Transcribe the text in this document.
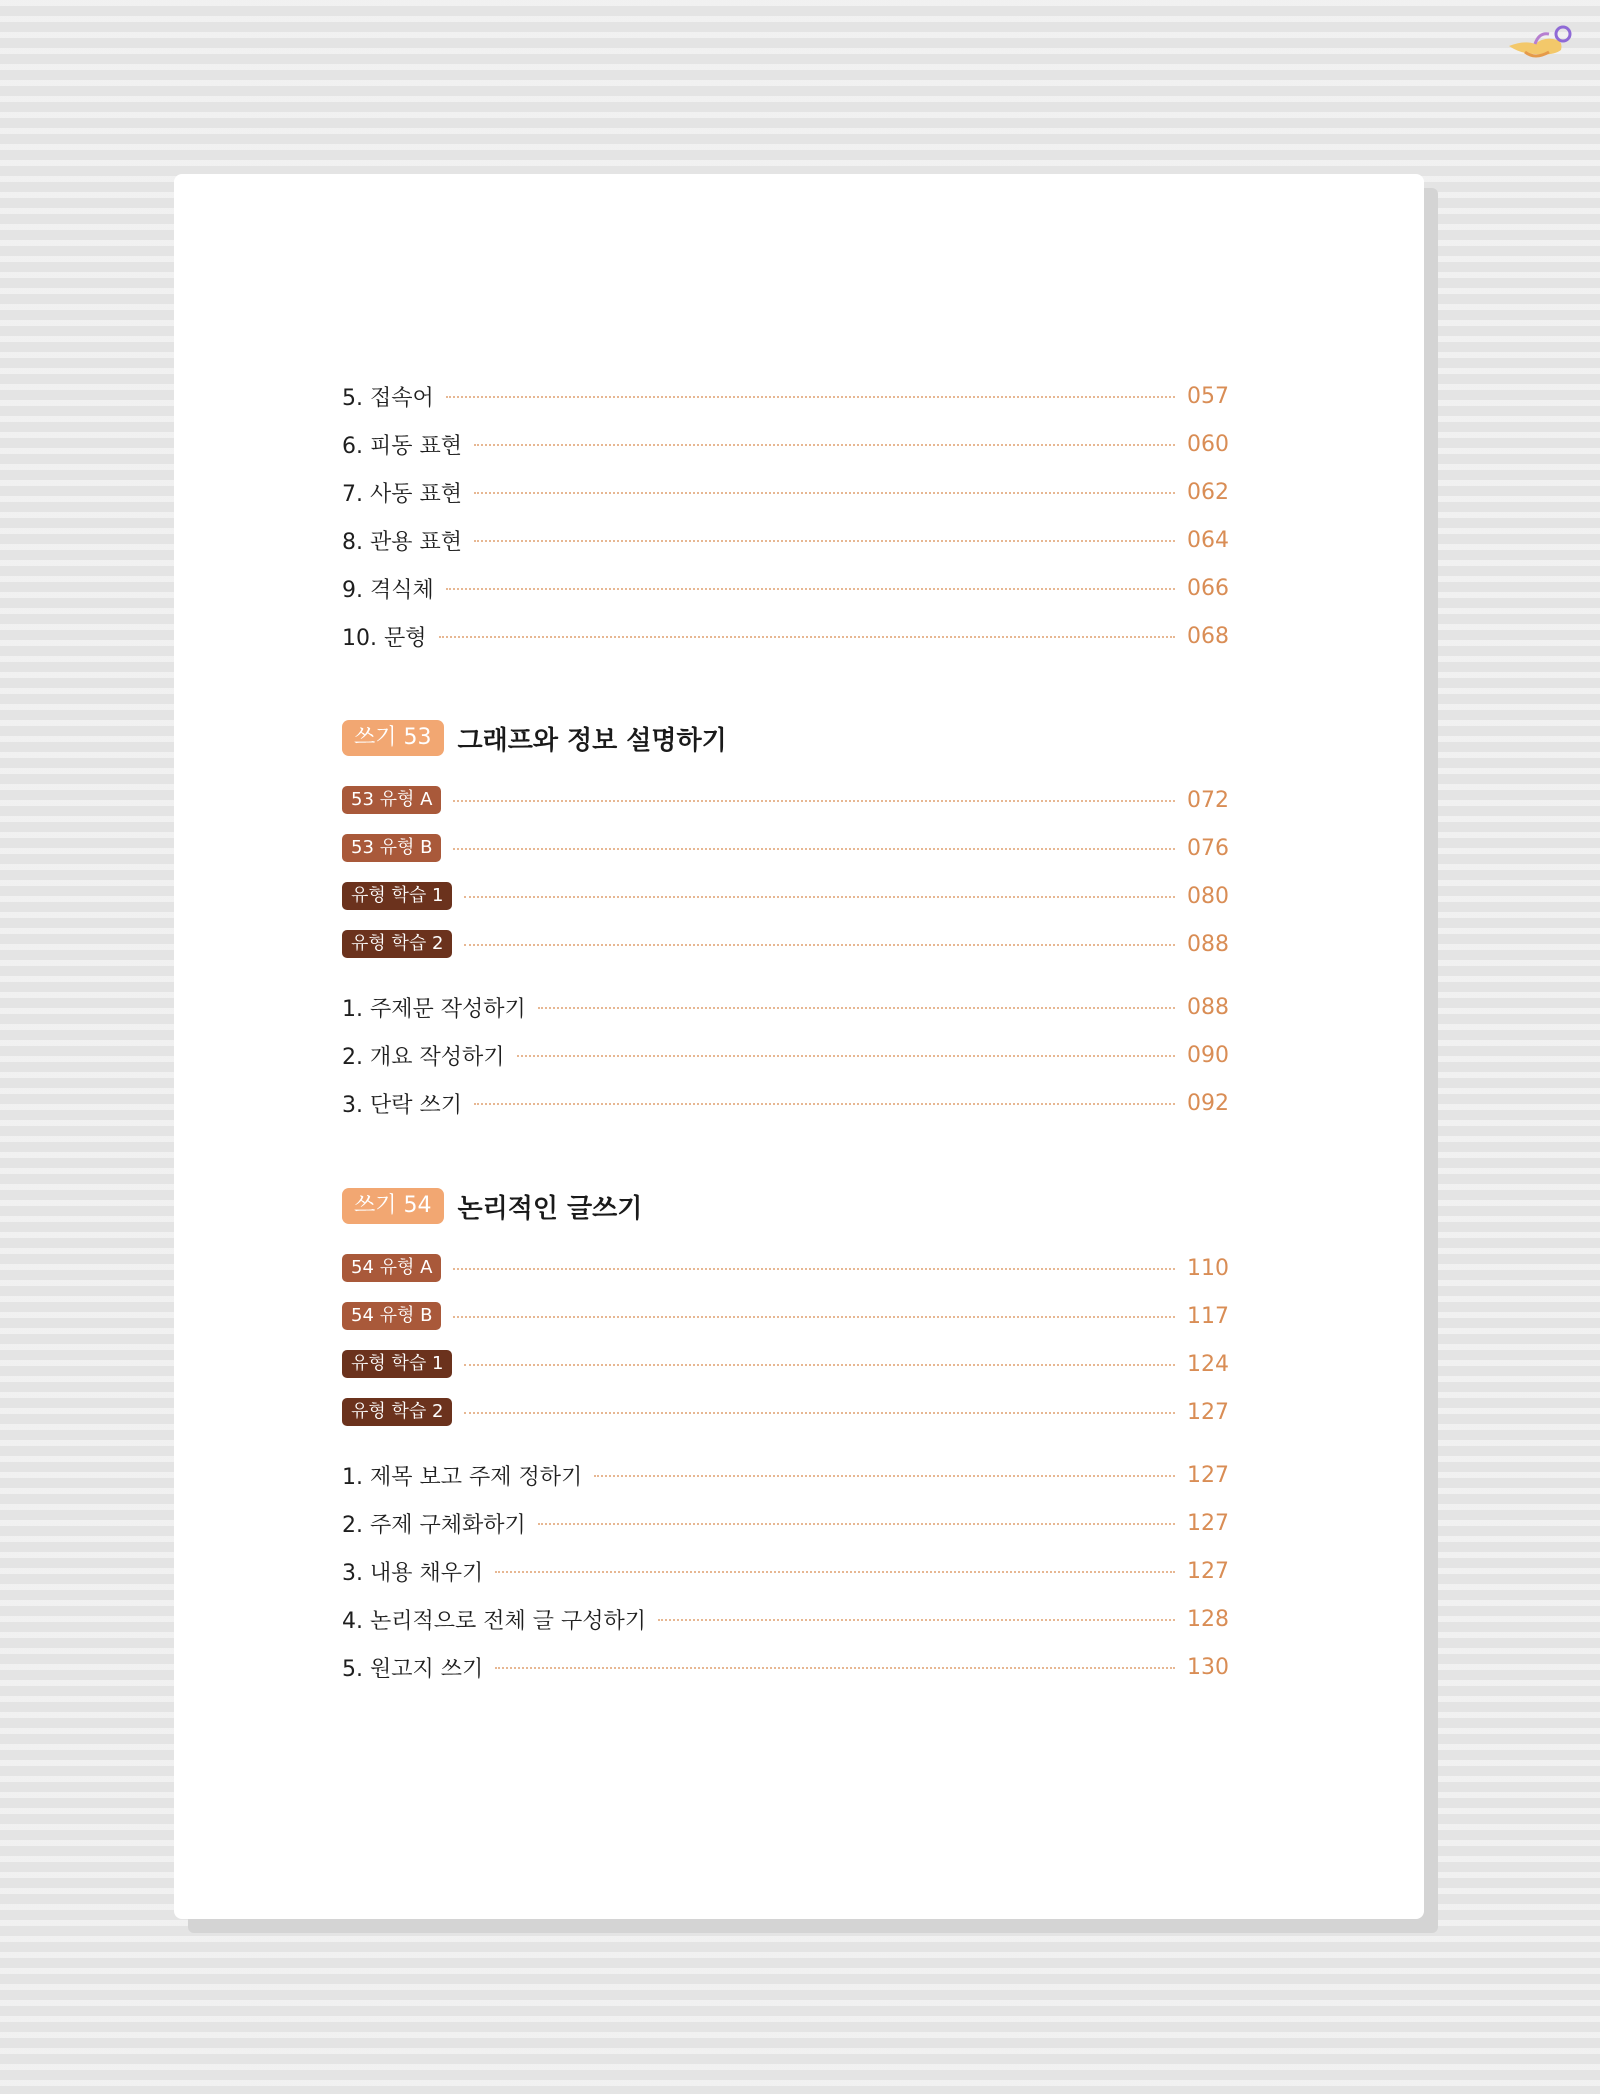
5. 접속어	057
6. 피동 표현	060
7. 사동 표현	062
8. 관용 표현	064
9. 격식체	066
10. 문형	068
쓰기 53	그래프와 정보 설명하기
53 유형 A	072
53 유형 B	076
유형 학습 1	080
유형 학습 2	088
1. 주제문 작성하기	088
2. 개요 작성하기	090
3. 단락 쓰기	092
쓰기 54	논리적인 글쓰기
54 유형 A	110
54 유형 B	117
유형 학습 1	124
유형 학습 2	127
1. 제목 보고 주제 정하기	127
2. 주제 구체화하기	127
3. 내용 채우기	127
4. 논리적으로 전체 글 구성하기	128
5. 원고지 쓰기	130
